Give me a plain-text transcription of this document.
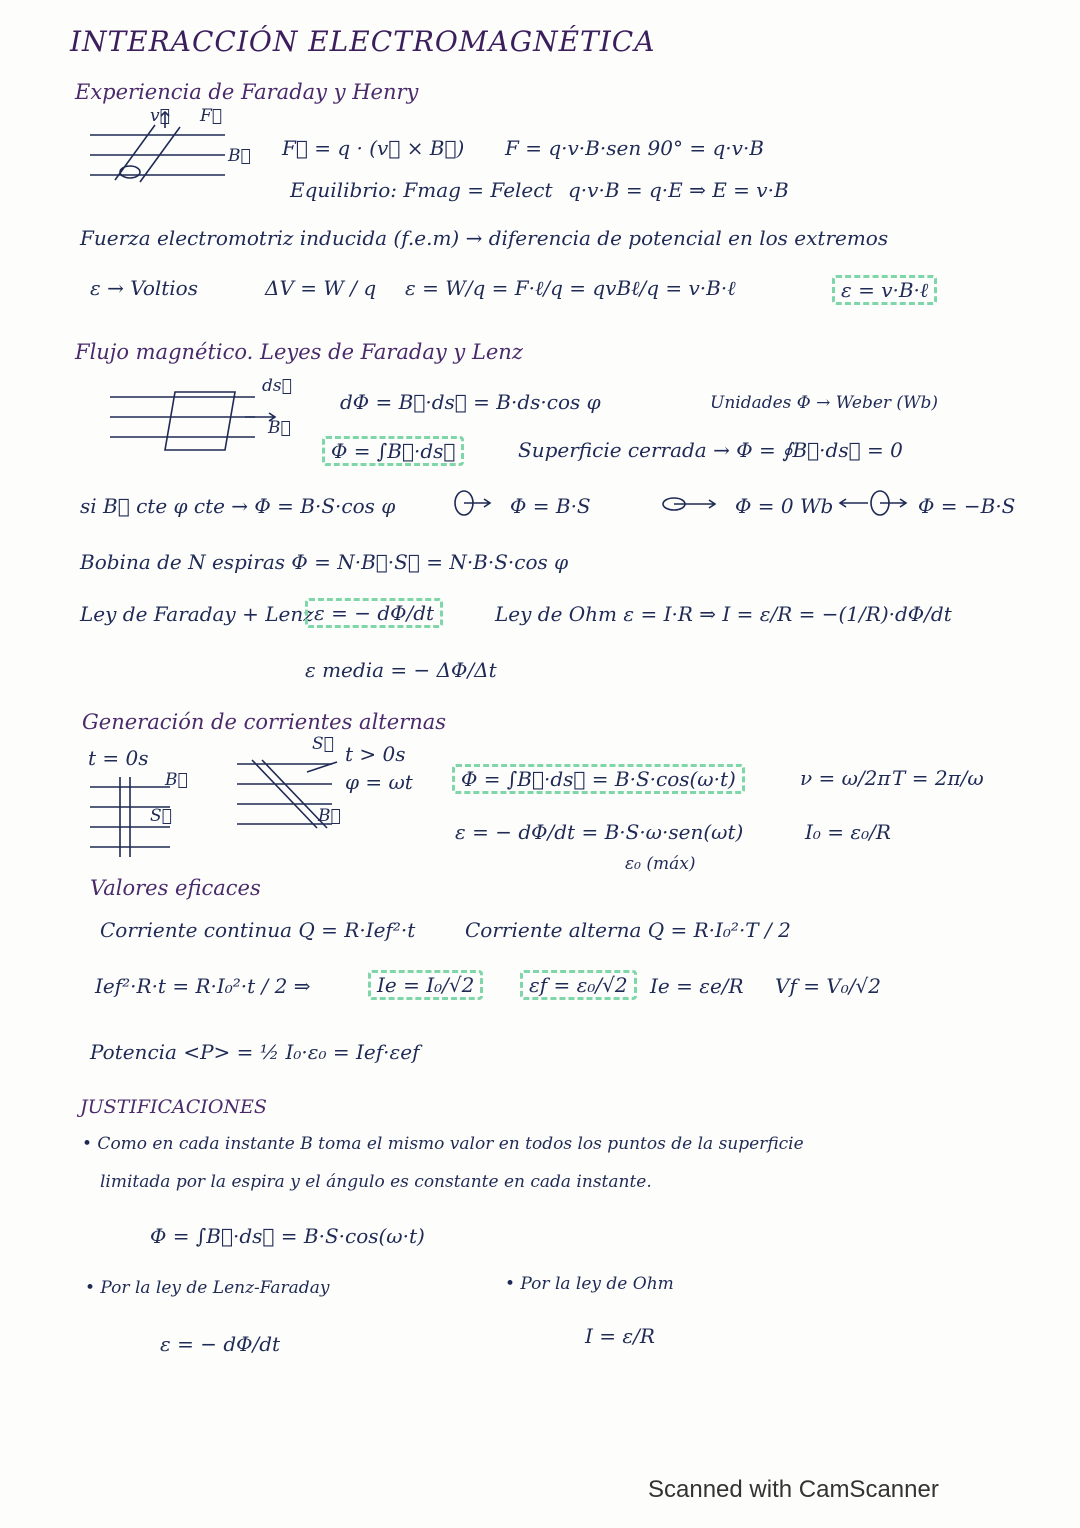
INTERACCIÓN ELECTROMAGNÉTICA
Experiencia de Faraday y Henry
v⃗ F⃗
B⃗ F⃗ = q · (v⃗ × B⃗) F = q·v·B·sen 90° = q·v·B
Equilibrio: Fmag = Felect q·v·B = q·E ⇒ E = v·B
Fuerza electromotriz inducida (f.e.m) → diferencia de potencial en los extremos
ε → Voltios	ΔV = W / q ε = W/q = F·ℓ/q = qvBℓ/q = v·B·ℓ	ε = v·B·ℓ
Flujo magnético. Leyes de Faraday y Lenz
ds⃗
B⃗
dΦ = B⃗·ds⃗ = B·ds·cos φ	Unidades Φ → Weber (Wb)
Φ = ∫B⃗·ds⃗	Superficie cerrada → Φ = ∮B⃗·ds⃗ = 0
si B⃗ cte φ cte → Φ = B·S·cos φ	Φ = B·S	Φ = 0 Wb	Φ = −B·S
Bobina de N espiras Φ = N·B⃗·S⃗ = N·B·S·cos φ
Ley de Faraday + Lenz ε = − dΦ/dt
ε media = − ΔΦ/Δt
Ley de Ohm ε = I·R ⇒ I = ε/R = −(1/R)·dΦ/dt
Generación de corrientes alternas
t = 0s
B⃗
S⃗
S⃗
B⃗
t > 0s
φ = ωt	Φ = ∫B⃗·ds⃗ = B·S·cos(ω·t)	ν = ω/2π T = 2π/ω
ε = − dΦ/dt = B·S·ω·sen(ωt)
ε₀ (máx)
I₀ = ε₀/R
Valores eficaces
Corriente continua Q = R·Ief²·t Corriente alterna Q = R·I₀²·T / 2
Ief²·R·t = R·I₀²·t / 2 ⇒	Ie = I₀/√2	εf = ε₀/√2	Ie = εe/R Vf = V₀/√2
Potencia <P> = ½ I₀·ε₀ = Ief·εef
JUSTIFICACIONES
• Como en cada instante B toma el mismo valor en todos los puntos de la superficie
limitada por la espira y el ángulo es constante en cada instante.
Φ = ∫B⃗·ds⃗ = B·S·cos(ω·t)
• Por la ley de Lenz-Faraday	• Por la ley de Ohm
ε = − dΦ/dt	I = ε/R
Scanned with CamScanner
